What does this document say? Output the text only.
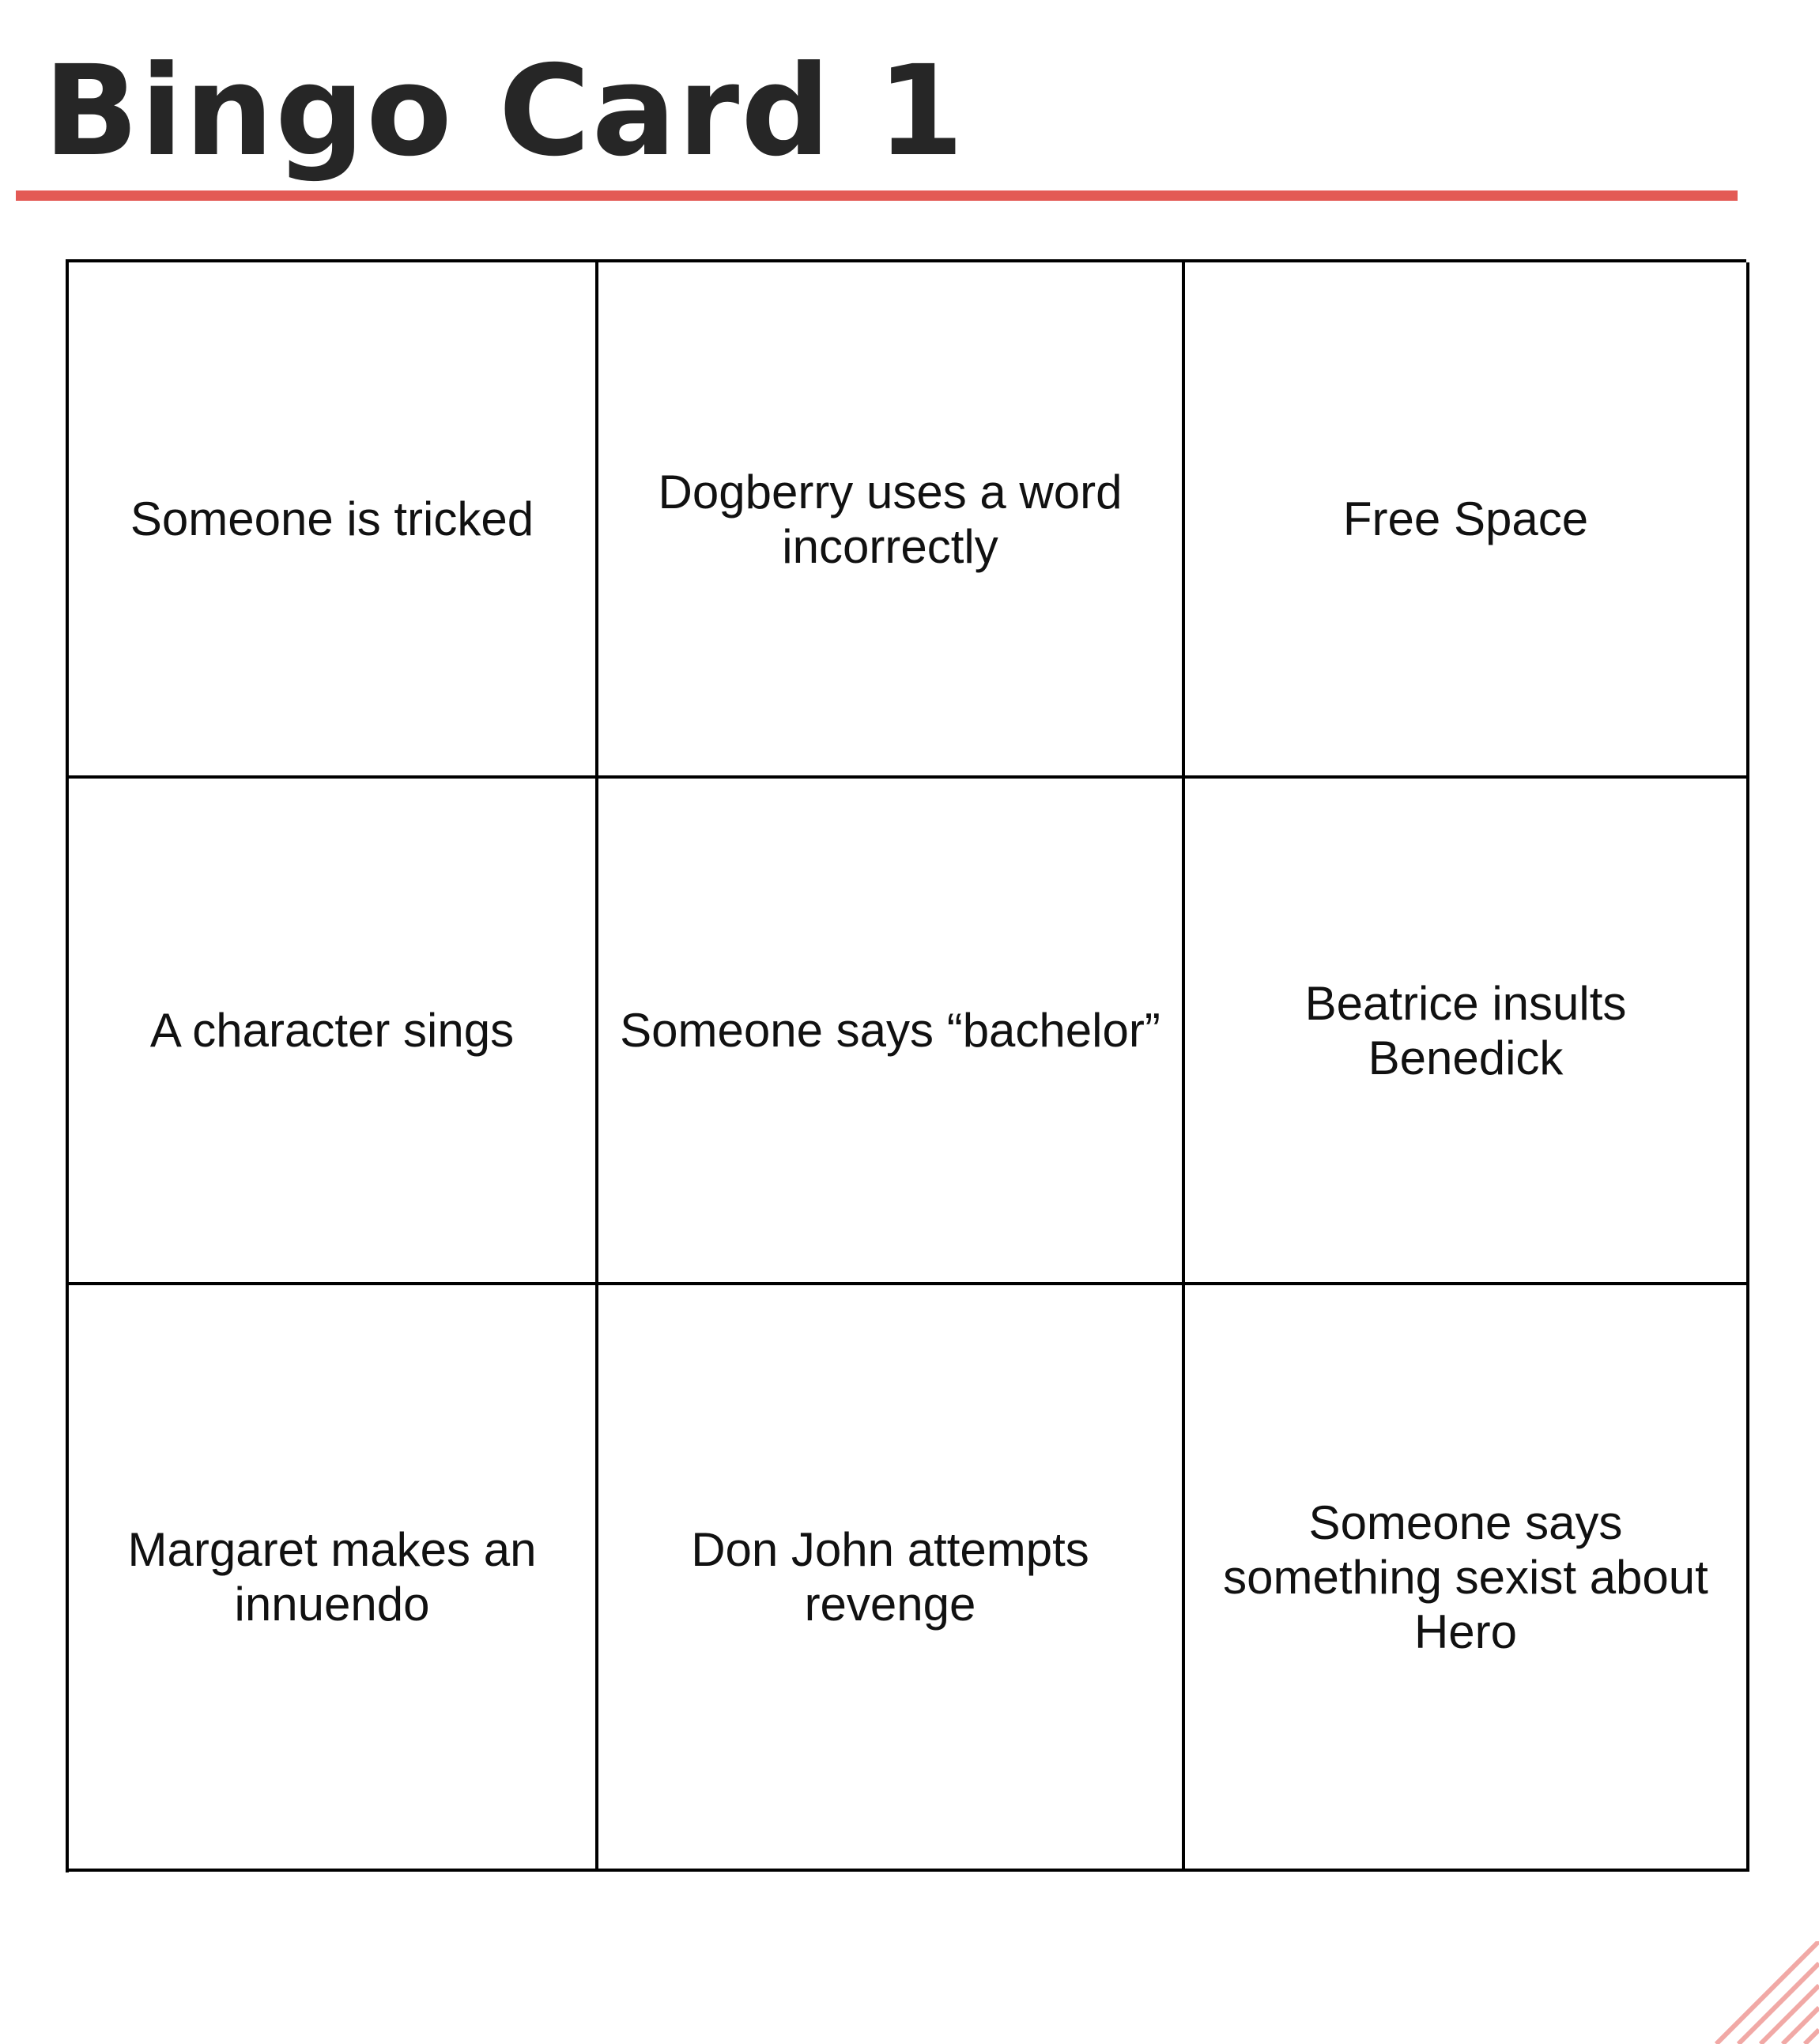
Bingo Card 1
Someone is tricked
Dogberry uses a word incorrectly
Free Space
A character sings Someone says “bachelor”
Beatrice insults Benedick
Margaret makes an innuendo
Don John attempts revenge
Someone says something sexist about Hero
